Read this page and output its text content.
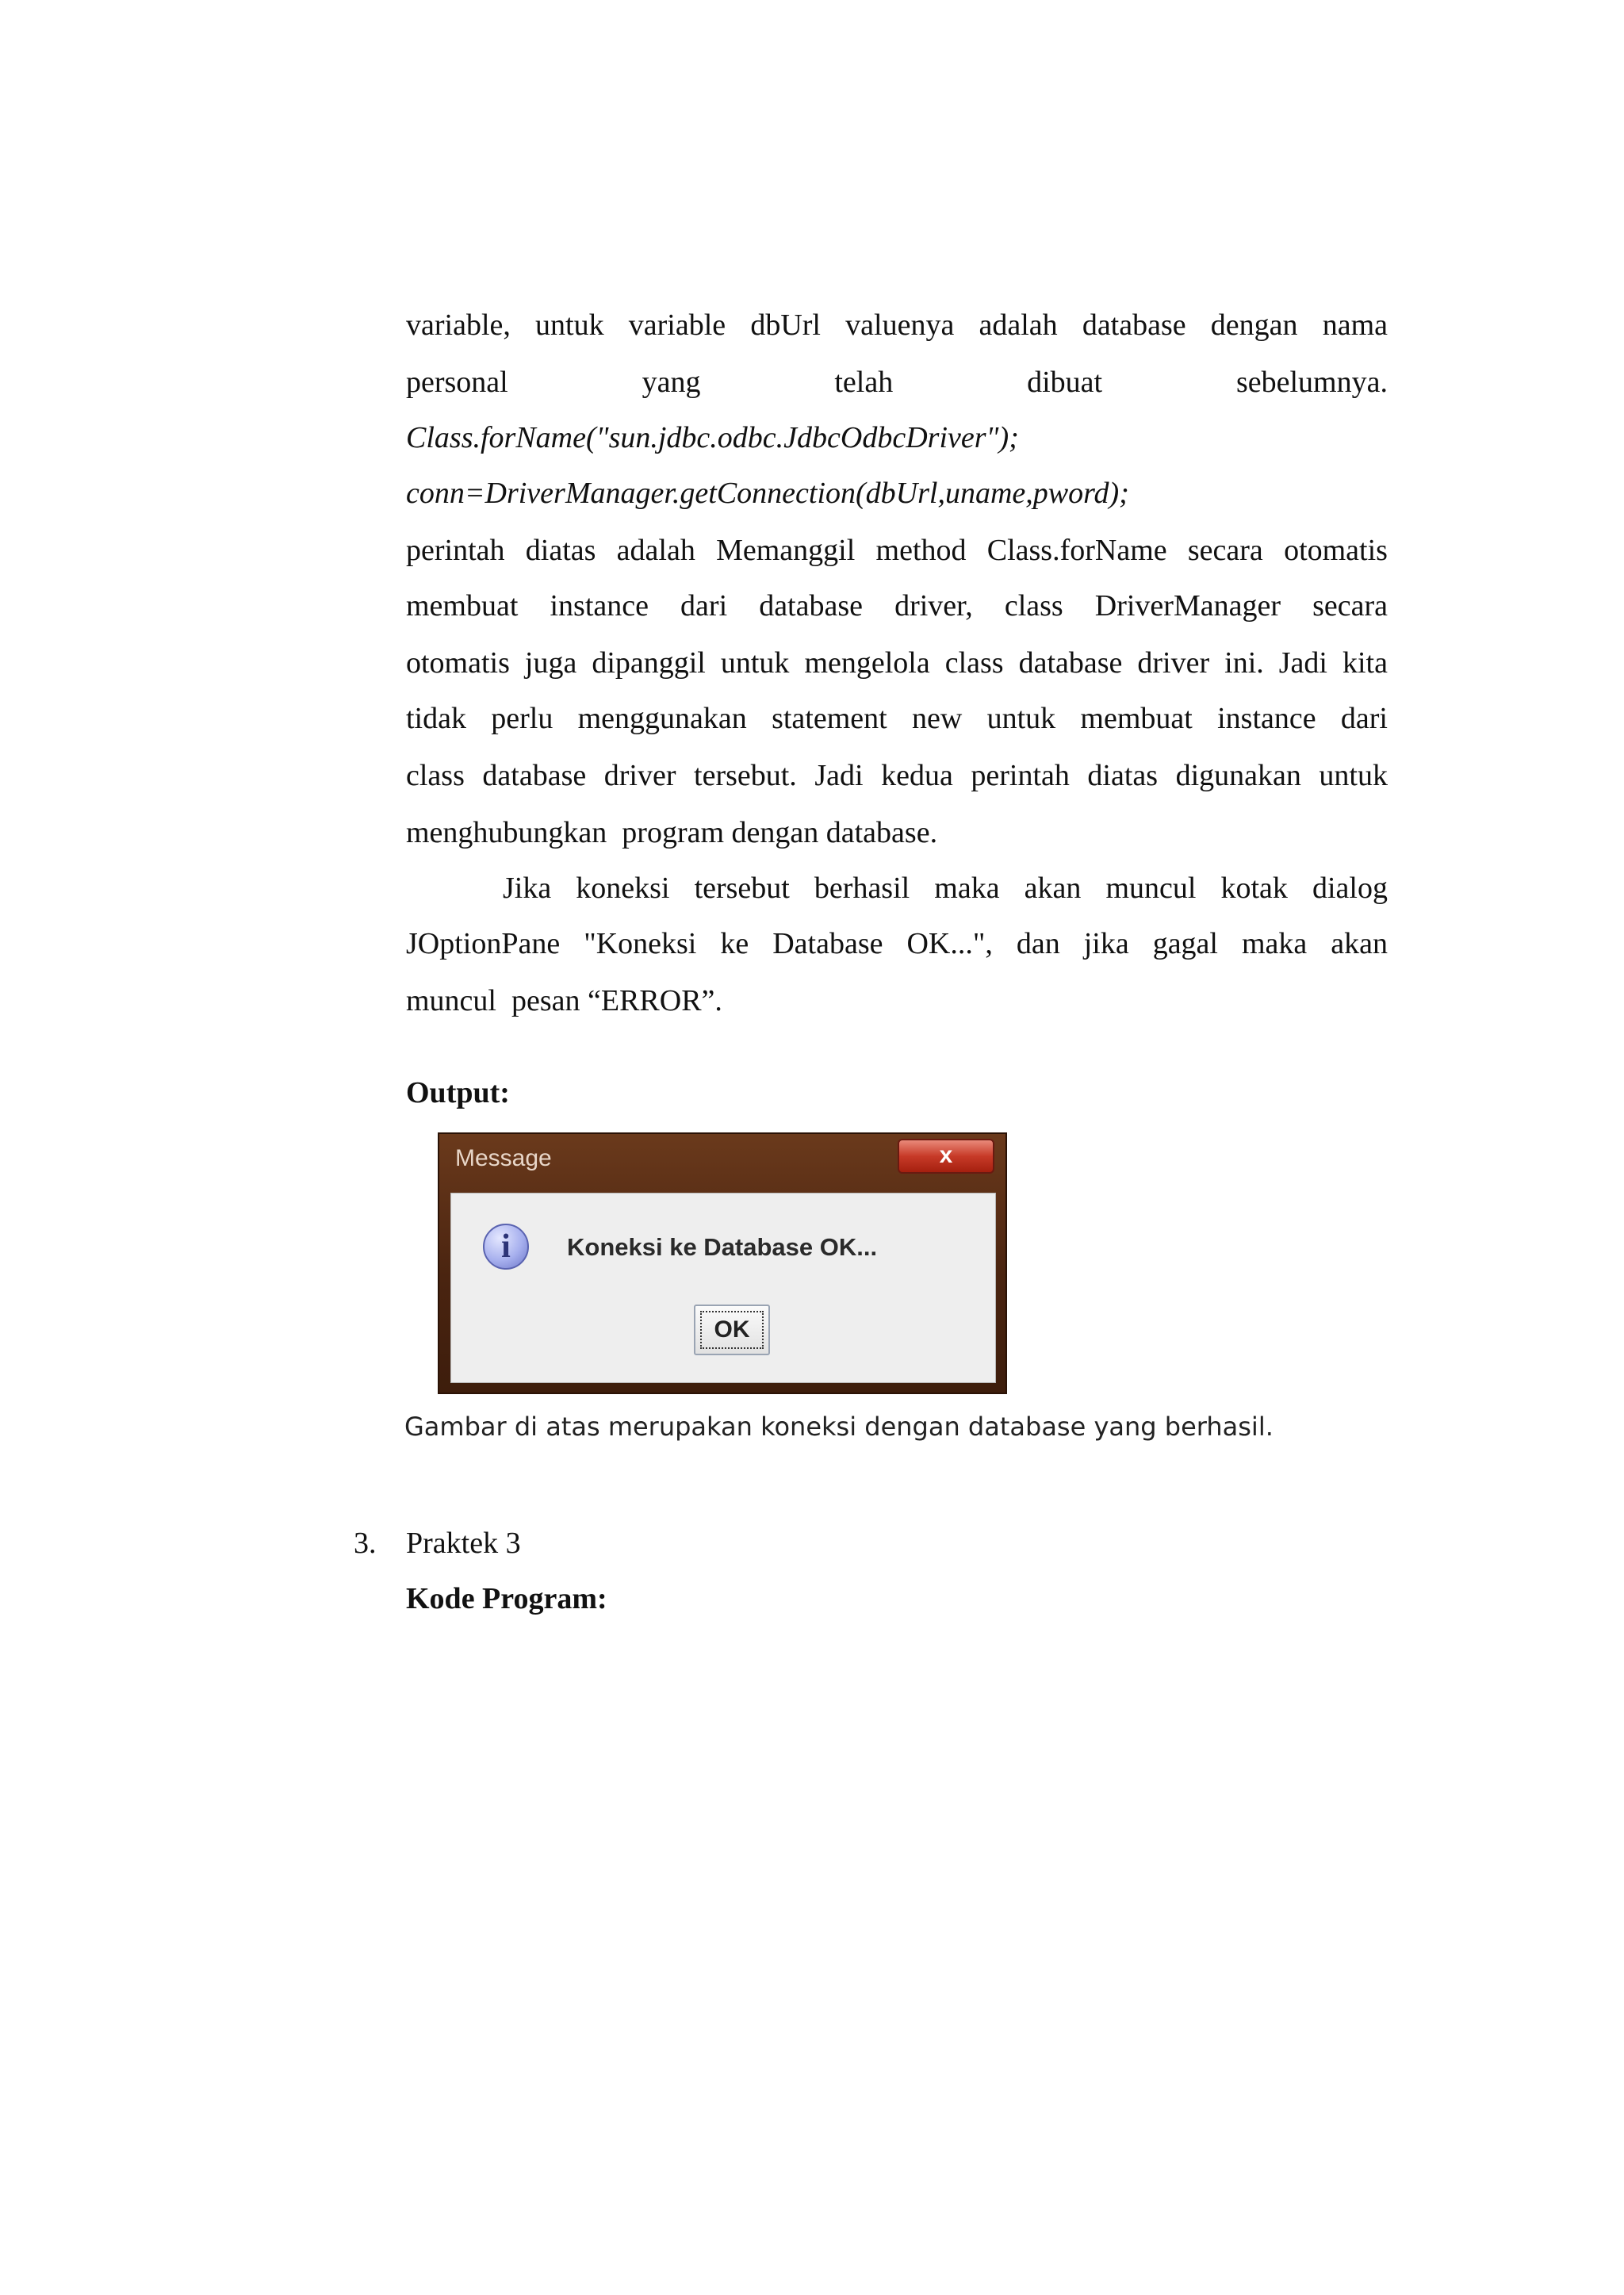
variable, untuk variable dbUrl valuenya adalah database dengan nama
personal	yang	telah	dibuat	sebelumnya.
Class.forName("sun.jdbc.odbc.JdbcOdbcDriver");
conn=DriverManager.getConnection(dbUrl,uname,pword);
perintah diatas adalah Memanggil method Class.forName secara otomatis
membuat instance dari database driver, class DriverManager secara
otomatis juga dipanggil untuk mengelola class database driver ini. Jadi kita
tidak perlu menggunakan statement new untuk membuat instance dari
class database driver tersebut. Jadi kedua perintah diatas digunakan untuk
menghubungkan  program dengan database.
Jika koneksi tersebut berhasil maka akan muncul kotak dialog
JOptionPane "Koneksi ke Database OK...", dan jika gagal maka akan
muncul  pesan “ERROR”.
Output:
Message	x
i	Koneksi ke Database OK...
OK
Gambar di atas merupakan koneksi dengan database yang berhasil.
3. Praktek 3
Kode Program:
